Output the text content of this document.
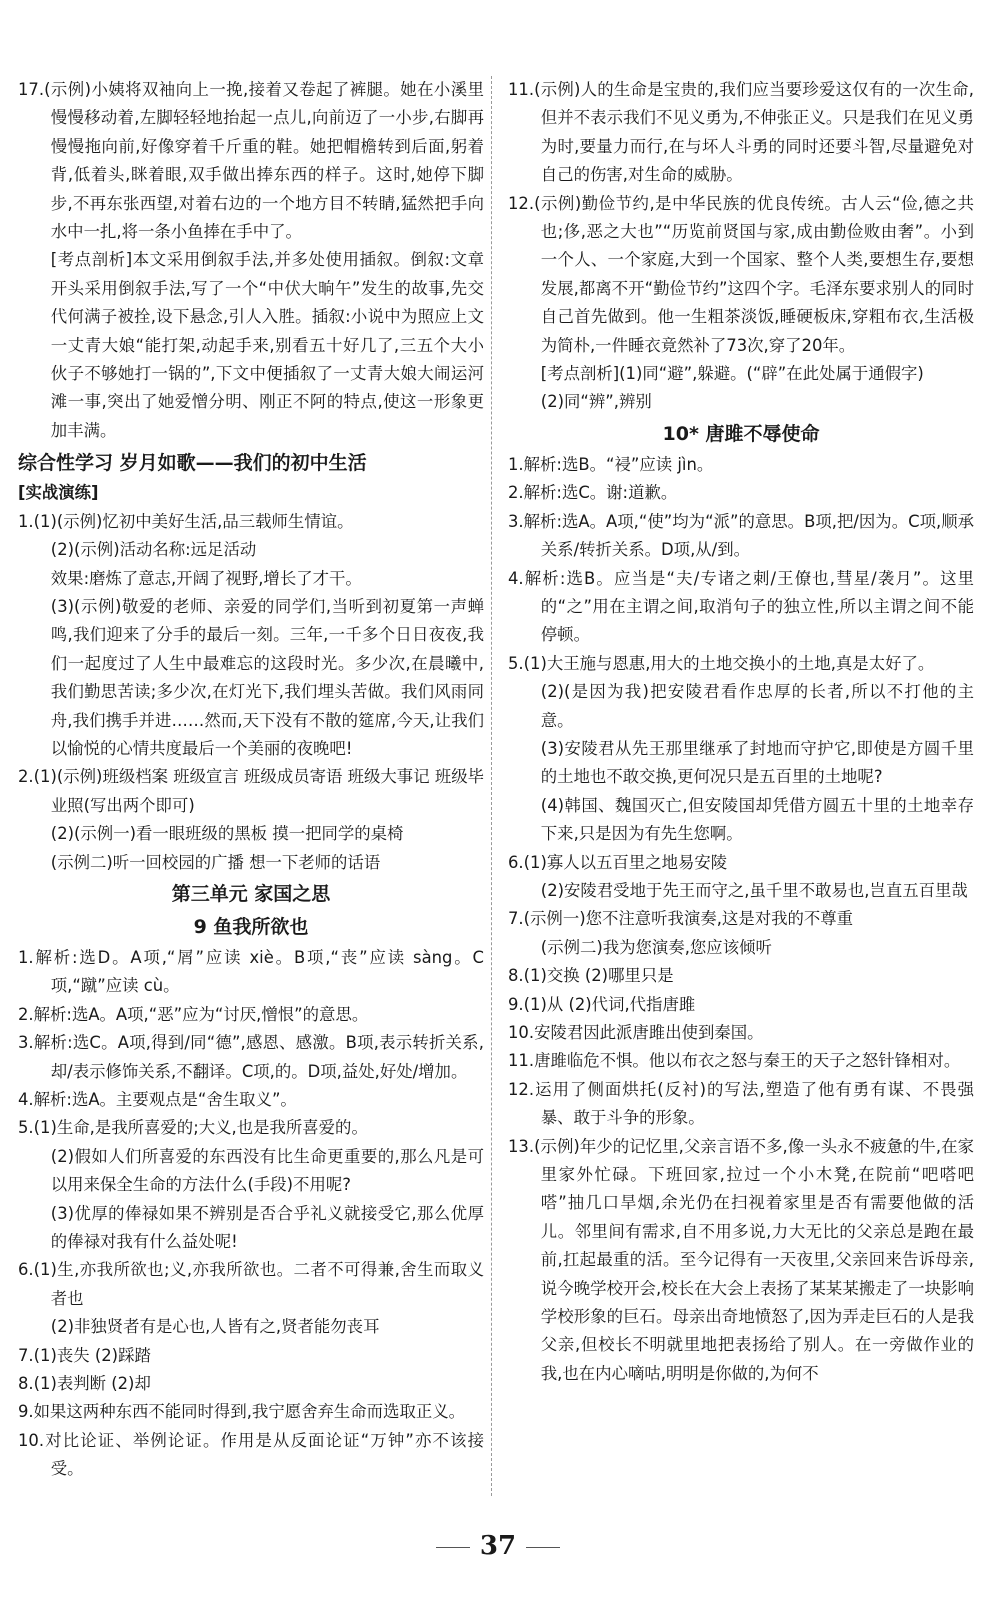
17.(示例)小姨将双袖向上一挽,接着又卷起了裤腿。她在小溪里慢慢移动着,左脚轻轻地抬起一点儿,向前迈了一小步,右脚再慢慢拖向前,好像穿着千斤重的鞋。她把帽檐转到后面,躬着背,低着头,眯着眼,双手做出捧东西的样子。这时,她停下脚步,不再东张西望,对着右边的一个地方目不转睛,猛然把手向水中一扎,将一条小鱼捧在手中了。
[考点剖析]本文采用倒叙手法,并多处使用插叙。倒叙:文章开头采用倒叙手法,写了一个“中伏大晌午”发生的故事,先交代何满子被拴,设下悬念,引人入胜。插叙:小说中为照应上文一丈青大娘“能打架,动起手来,别看五十好几了,三五个大小伙子不够她打一锅的”,下文中便插叙了一丈青大娘大闹运河滩一事,突出了她爱憎分明、刚正不阿的特点,使这一形象更加丰满。
综合性学习 岁月如歌——我们的初中生活
[实战演练]
1.(1)(示例)忆初中美好生活,品三载师生情谊。
(2)(示例)活动名称:远足活动
效果:磨炼了意志,开阔了视野,增长了才干。
(3)(示例)敬爱的老师、亲爱的同学们,当听到初夏第一声蝉鸣,我们迎来了分手的最后一刻。三年,一千多个日日夜夜,我们一起度过了人生中最难忘的这段时光。多少次,在晨曦中,我们勤思苦读;多少次,在灯光下,我们埋头苦做。我们风雨同舟,我们携手并进……然而,天下没有不散的筵席,今天,让我们以愉悦的心情共度最后一个美丽的夜晚吧!
2.(1)(示例)班级档案 班级宣言 班级成员寄语 班级大事记 班级毕业照(写出两个即可)
(2)(示例一)看一眼班级的黑板 摸一把同学的桌椅
(示例二)听一回校园的广播 想一下老师的话语
第三单元 家国之思
9 鱼我所欲也
1.解析:选D。A项,“屑”应读 xiè。B项,“丧”应读 sàng。C项,“蹴”应读 cù。
2.解析:选A。A项,“恶”应为“讨厌,憎恨”的意思。
3.解析:选C。A项,得到/同“德”,感恩、感激。B项,表示转折关系,却/表示修饰关系,不翻译。C项,的。D项,益处,好处/增加。
4.解析:选A。主要观点是“舍生取义”。
5.(1)生命,是我所喜爱的;大义,也是我所喜爱的。
(2)假如人们所喜爱的东西没有比生命更重要的,那么凡是可以用来保全生命的方法什么(手段)不用呢?
(3)优厚的俸禄如果不辨别是否合乎礼义就接受它,那么优厚的俸禄对我有什么益处呢!
6.(1)生,亦我所欲也;义,亦我所欲也。二者不可得兼,舍生而取义者也
(2)非独贤者有是心也,人皆有之,贤者能勿丧耳
7.(1)丧失 (2)踩踏
8.(1)表判断 (2)却
9.如果这两种东西不能同时得到,我宁愿舍弃生命而选取正义。
10.对比论证、举例论证。作用是从反面论证“万钟”亦不该接受。
11.(示例)人的生命是宝贵的,我们应当要珍爱这仅有的一次生命,但并不表示我们不见义勇为,不伸张正义。只是我们在见义勇为时,要量力而行,在与坏人斗勇的同时还要斗智,尽量避免对自己的伤害,对生命的威胁。
12.(示例)勤俭节约,是中华民族的优良传统。古人云“俭,德之共也;侈,恶之大也”“历览前贤国与家,成由勤俭败由奢”。小到一个人、一个家庭,大到一个国家、整个人类,要想生存,要想发展,都离不开“勤俭节约”这四个字。毛泽东要求别人的同时自己首先做到。他一生粗茶淡饭,睡硬板床,穿粗布衣,生活极为简朴,一件睡衣竟然补了73次,穿了20年。
[考点剖析](1)同“避”,躲避。(“辟”在此处属于通假字)
(2)同“辨”,辨别
10* 唐雎不辱使命
1.解析:选B。“祲”应读 jìn。
2.解析:选C。谢:道歉。
3.解析:选A。A项,“使”均为“派”的意思。B项,把/因为。C项,顺承关系/转折关系。D项,从/到。
4.解析:选B。应当是“夫/专诸之刺/王僚也,彗星/袭月”。这里的“之”用在主谓之间,取消句子的独立性,所以主谓之间不能停顿。
5.(1)大王施与恩惠,用大的土地交换小的土地,真是太好了。
(2)(是因为我)把安陵君看作忠厚的长者,所以不打他的主意。
(3)安陵君从先王那里继承了封地而守护它,即使是方圆千里的土地也不敢交换,更何况只是五百里的土地呢?
(4)韩国、魏国灭亡,但安陵国却凭借方圆五十里的土地幸存下来,只是因为有先生您啊。
6.(1)寡人以五百里之地易安陵
(2)安陵君受地于先王而守之,虽千里不敢易也,岂直五百里哉
7.(示例一)您不注意听我演奏,这是对我的不尊重
(示例二)我为您演奏,您应该倾听
8.(1)交换 (2)哪里只是
9.(1)从 (2)代词,代指唐雎
10.安陵君因此派唐雎出使到秦国。
11.唐雎临危不惧。他以布衣之怒与秦王的天子之怒针锋相对。
12.运用了侧面烘托(反衬)的写法,塑造了他有勇有谋、不畏强暴、敢于斗争的形象。
13.(示例)年少的记忆里,父亲言语不多,像一头永不疲惫的牛,在家里家外忙碌。下班回家,拉过一个小木凳,在院前“吧嗒吧嗒”抽几口旱烟,余光仍在扫视着家里是否有需要他做的活儿。邻里间有需求,自不用多说,力大无比的父亲总是跑在最前,扛起最重的活。至今记得有一天夜里,父亲回来告诉母亲,说今晚学校开会,校长在大会上表扬了某某某搬走了一块影响学校形象的巨石。母亲出奇地愤怒了,因为弄走巨石的人是我父亲,但校长不明就里地把表扬给了别人。在一旁做作业的我,也在内心嘀咕,明明是你做的,为何不
37
